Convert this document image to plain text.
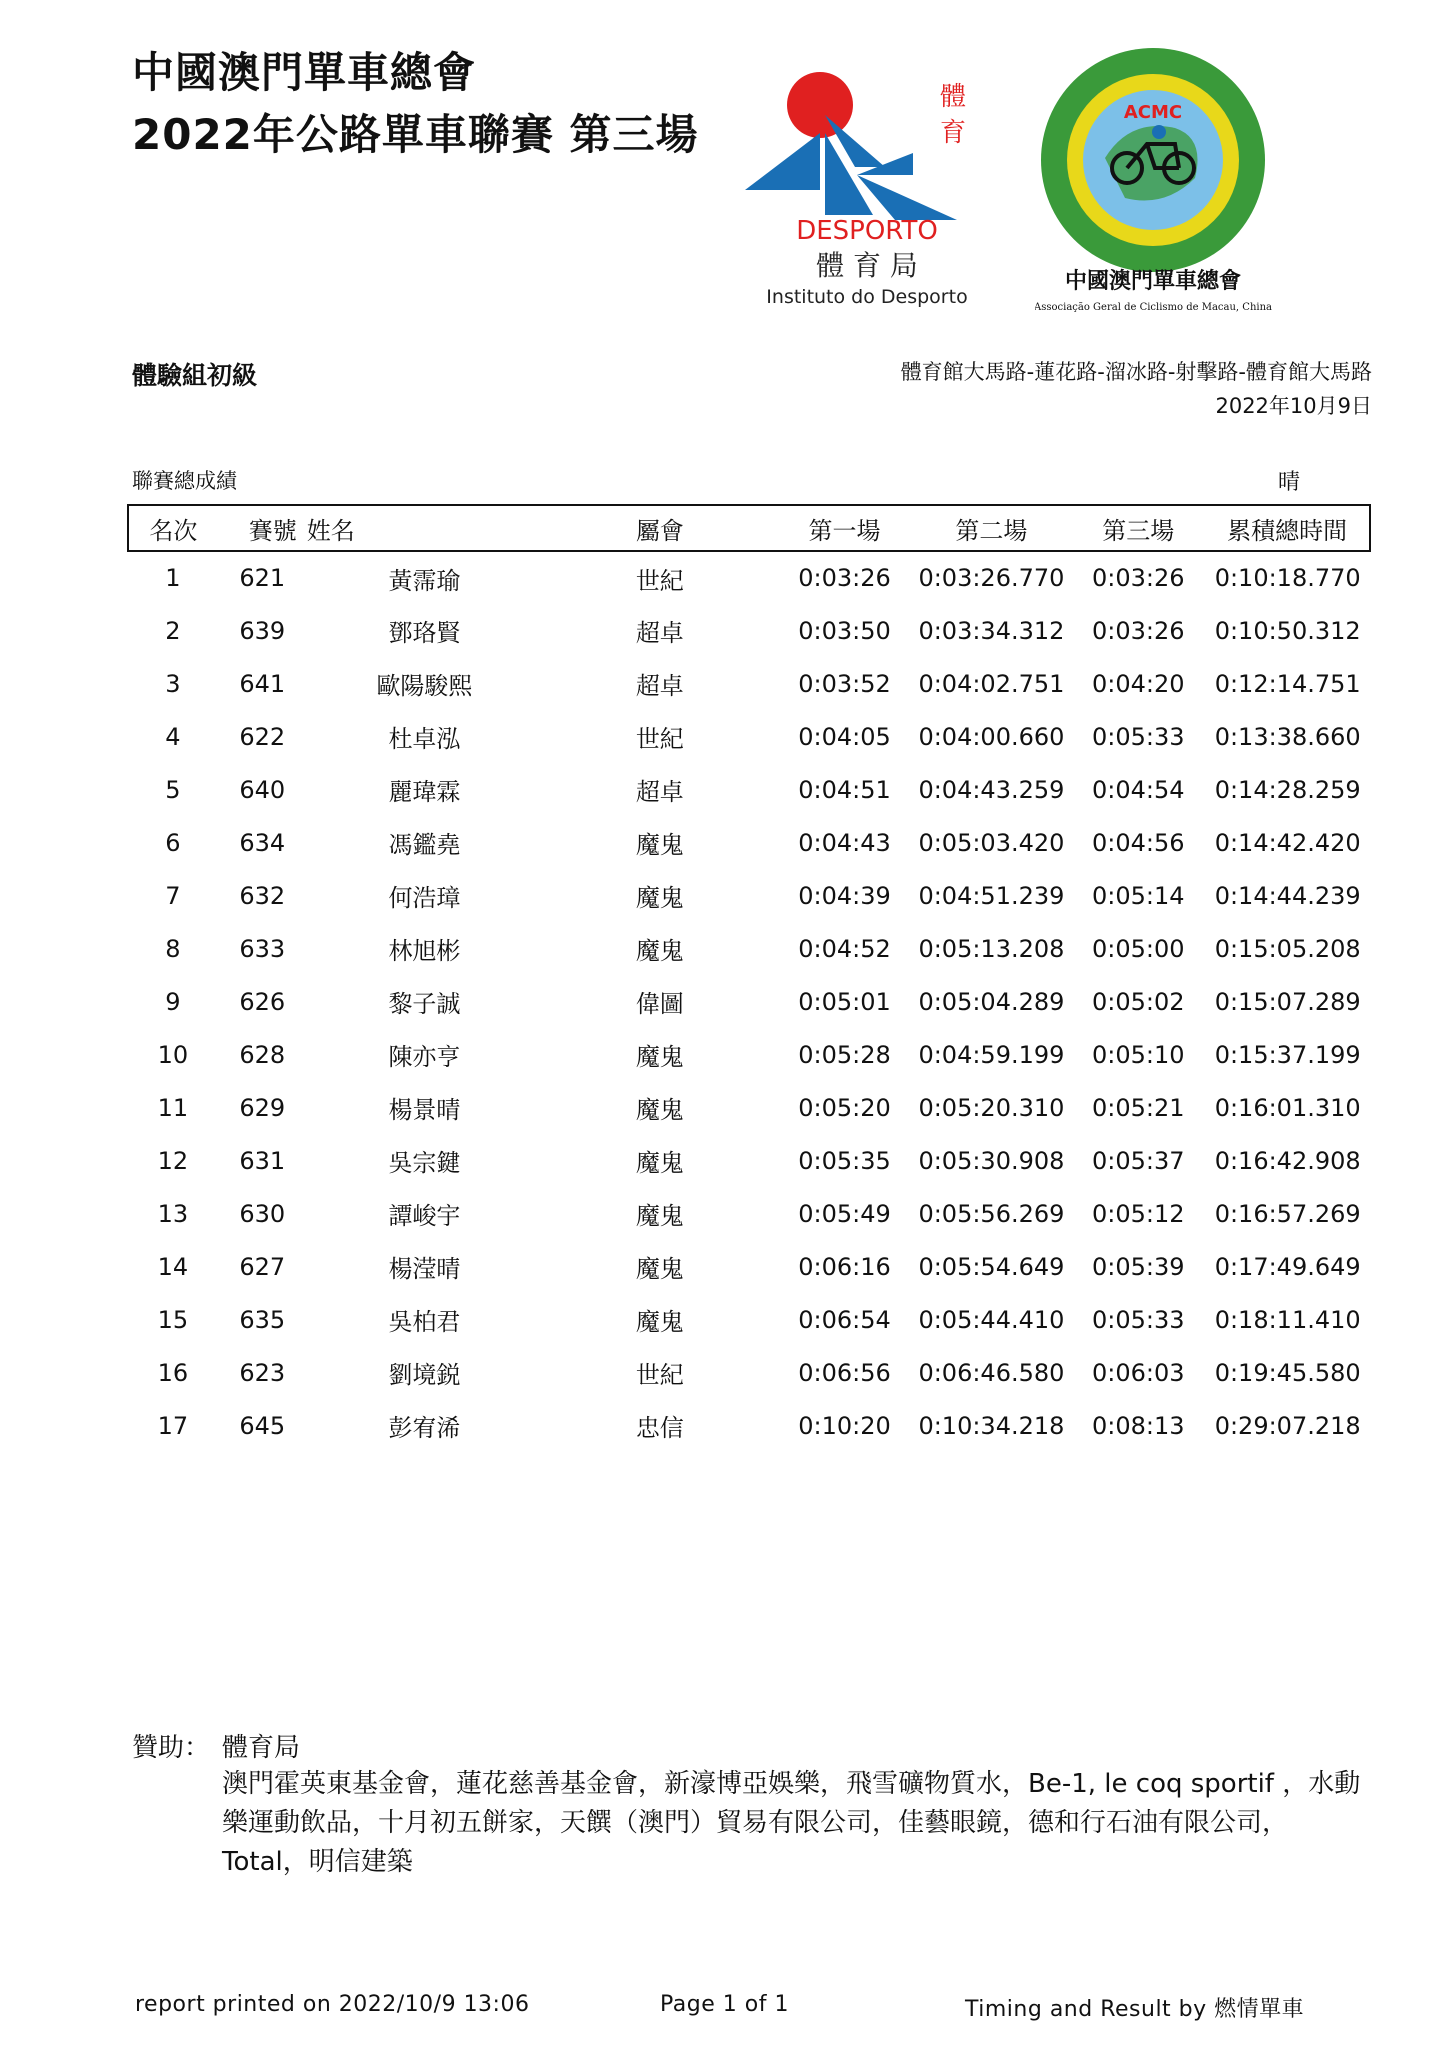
中國澳門單車總會
2022年公路單車聯賽 第三場
體
育
DESPORTO
體 育 局
Instituto do Desporto
ACMC
中國澳門單車總會
Associação Geral de Ciclismo de Macau, China
體驗組初級	體育館大馬路-蓮花路-溜冰路-射擊路-體育館大馬路
2022年10月9日
聯賽總成績	晴
名次	賽號	姓名	屬會	第一場	第二場	第三場	累積總時間
1	621	黃霈瑜	世紀	0:03:26	0:03:26.770	0:03:26	0:10:18.770
2	639	鄧珞賢	超卓	0:03:50	0:03:34.312	0:03:26	0:10:50.312
3	641	歐陽駿熙	超卓	0:03:52	0:04:02.751	0:04:20	0:12:14.751
4	622	杜卓泓	世紀	0:04:05	0:04:00.660	0:05:33	0:13:38.660
5	640	麗瑋霖	超卓	0:04:51	0:04:43.259	0:04:54	0:14:28.259
6	634	馮鑑堯	魔鬼	0:04:43	0:05:03.420	0:04:56	0:14:42.420
7	632	何浩璋	魔鬼	0:04:39	0:04:51.239	0:05:14	0:14:44.239
8	633	林旭彬	魔鬼	0:04:52	0:05:13.208	0:05:00	0:15:05.208
9	626	黎子誠	偉圖	0:05:01	0:05:04.289	0:05:02	0:15:07.289
10	628	陳亦亨	魔鬼	0:05:28	0:04:59.199	0:05:10	0:15:37.199
11	629	楊景晴	魔鬼	0:05:20	0:05:20.310	0:05:21	0:16:01.310
12	631	吳宗鍵	魔鬼	0:05:35	0:05:30.908	0:05:37	0:16:42.908
13	630	譚峻宇	魔鬼	0:05:49	0:05:56.269	0:05:12	0:16:57.269
14	627	楊滢晴	魔鬼	0:06:16	0:05:54.649	0:05:39	0:17:49.649
15	635	吳柏君	魔鬼	0:06:54	0:05:44.410	0:05:33	0:18:11.410
16	623	劉境鋭	世紀	0:06:56	0:06:46.580	0:06:03	0:19:45.580
17	645	彭宥浠	忠信	0:10:20	0:10:34.218	0:08:13	0:29:07.218
贊助： 體育局
澳門霍英東基金會，蓮花慈善基金會，新濠博亞娛樂，飛雪礦物質水，Be-1, le coq sportif ，水動樂運動飲品，十月初五餅家，天饌（澳門）貿易有限公司，佳藝眼鏡，德和行石油有限公司，Total，明信建築
report printed on 2022/10/9 13:06	Page 1 of 1	Timing and Result by 燃情單車
